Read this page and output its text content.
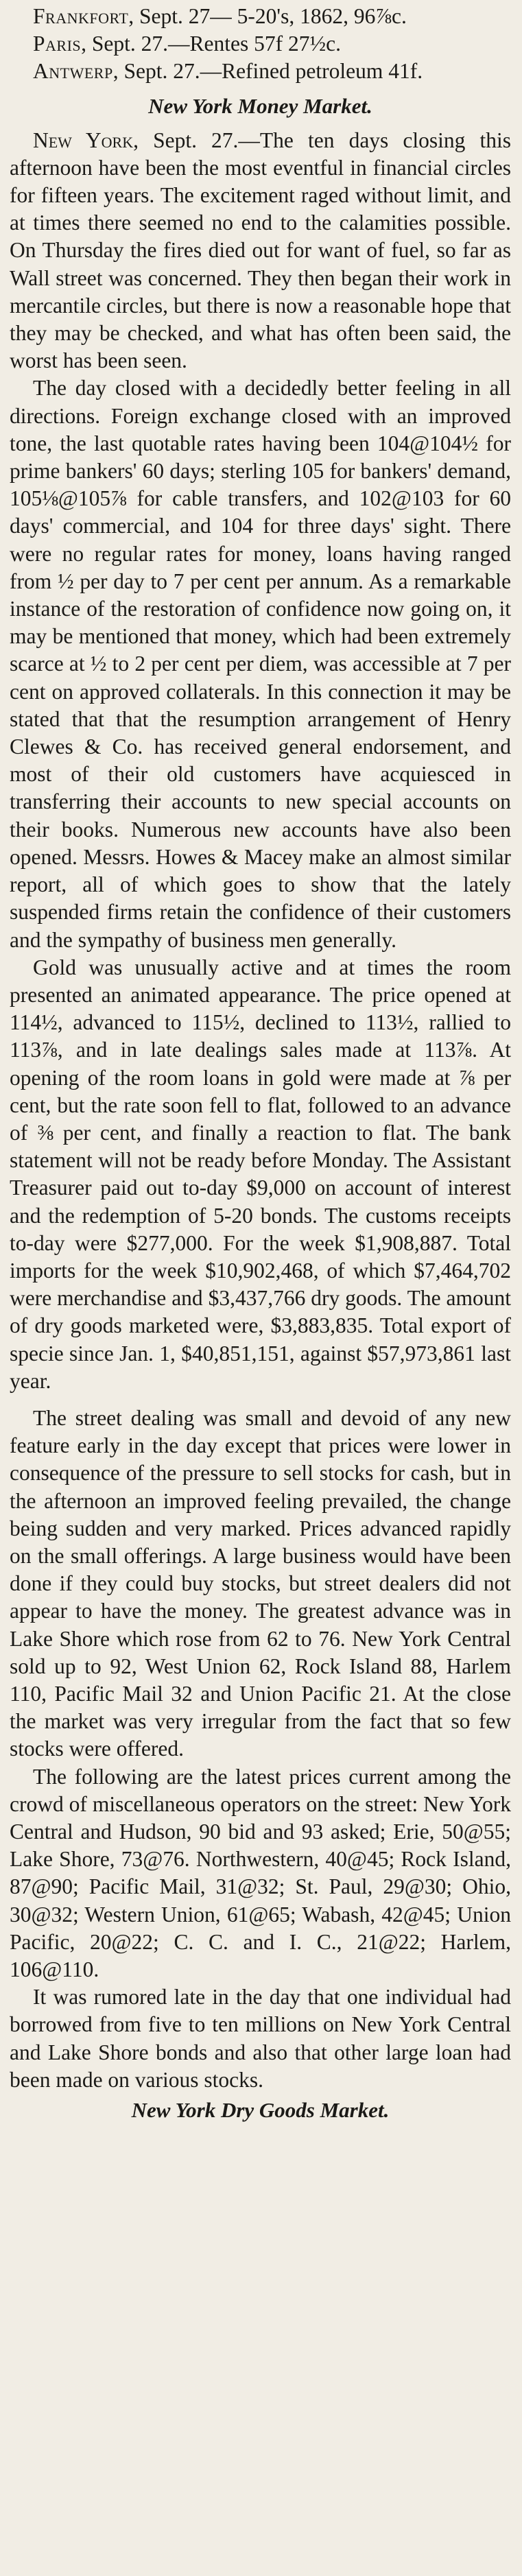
Frankfort, Sept. 27— 5-20's, 1862, 96⅞c.

Paris, Sept. 27.—Rentes 57f 27½c.

Antwerp, Sept. 27.—Refined petroleum 41f.

New York Money Market.

New York, Sept. 27.—The ten days closing this afternoon have been the most eventful in financial circles for fifteen years. The excitement raged without limit, and at times there seemed no end to the calamities possible. On Thursday the fires died out for want of fuel, so far as Wall street was concerned. They then began their work in mercantile circles, but there is now a reasonable hope that they may be checked, and what has often been said, the worst has been seen.

The day closed with a decidedly better feeling in all directions. Foreign exchange closed with an improved tone, the last quotable rates having been 104@104½ for prime bankers' 60 days; sterling 105 for bankers' demand, 105⅛@105⅞ for cable transfers, and 102@103 for 60 days' commercial, and 104 for three days' sight. There were no regular rates for money, loans having ranged from ½ per day to 7 per cent per annum. As a remarkable instance of the restoration of confidence now going on, it may be mentioned that money, which had been extremely scarce at ½ to 2 per cent per diem, was accessible at 7 per cent on approved collaterals. In this connection it may be stated that that the resumption arrangement of Henry Clewes & Co. has received general endorsement, and most of their old customers have acquiesced in transferring their accounts to new special accounts on their books. Numerous new accounts have also been opened. Messrs. Howes & Macey make an almost similar report, all of which goes to show that the lately suspended firms retain the confidence of their customers and the sympathy of business men generally.

Gold was unusually active and at times the room presented an animated appearance. The price opened at 114½, advanced to 115½, declined to 113½, rallied to 113⅞, and in late dealings sales made at 113⅞. At opening of the room loans in gold were made at ⅞ per cent, but the rate soon fell to flat, followed to an advance of ⅜ per cent, and finally a reaction to flat. The bank statement will not be ready before Monday. The Assistant Treasurer paid out to-day $9,000 on account of interest and the redemption of 5-20 bonds. The customs receipts to-day were $277,000. For the week $1,908,887. Total imports for the week $10,902,468, of which $7,464,702 were merchandise and $3,437,766 dry goods. The amount of dry goods marketed were, $3,883,835. Total export of specie since Jan. 1, $40,851,151, against $57,973,861 last year.

The street dealing was small and devoid of any new feature early in the day except that prices were lower in consequence of the pressure to sell stocks for cash, but in the afternoon an improved feeling prevailed, the change being sudden and very marked. Prices advanced rapidly on the small offerings. A large business would have been done if they could buy stocks, but street dealers did not appear to have the money. The greatest advance was in Lake Shore which rose from 62 to 76. New York Central sold up to 92, West Union 62, Rock Island 88, Harlem 110, Pacific Mail 32 and Union Pacific 21. At the close the market was very irregular from the fact that so few stocks were offered.

The following are the latest prices current among the crowd of miscellaneous operators on the street: New York Central and Hudson, 90 bid and 93 asked; Erie, 50@55; Lake Shore, 73@76. Northwestern, 40@45; Rock Island, 87@90; Pacific Mail, 31@32; St. Paul, 29@30; Ohio, 30@32; Western Union, 61@65; Wabash, 42@45; Union Pacific, 20@22; C. C. and I. C., 21@22; Harlem, 106@110.

It was rumored late in the day that one individual had borrowed from five to ten millions on New York Central and Lake Shore bonds and also that other large loan had been made on various stocks.

New York Dry Goods Market.
